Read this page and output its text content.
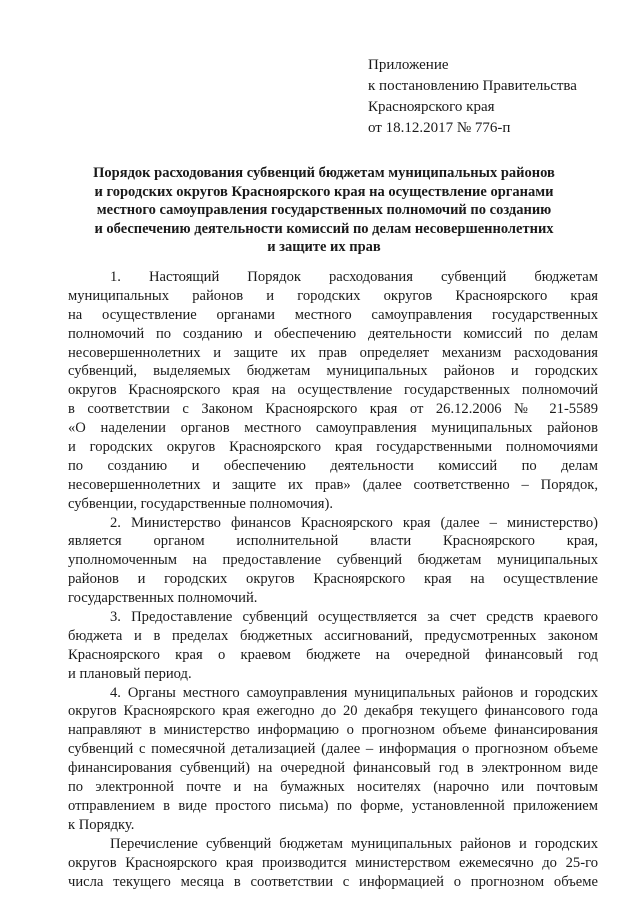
Приложение
к постановлению Правительства
Красноярского края
от 18.12.2017 № 776-п
Порядок расходования субвенций бюджетам муниципальных районов
и городских округов Красноярского края на осуществление органами
местного самоуправления государственных полномочий по созданию
и обеспечению деятельности комиссий по делам несовершеннолетних
и защите их прав
1. Настоящий Порядок расходования субвенций бюджетам
муниципальных районов и городских округов Красноярского края
на осуществление органами местного самоуправления государственных
полномочий по созданию и обеспечению деятельности комиссий по делам
несовершеннолетних и защите их прав определяет механизм расходования
субвенций, выделяемых бюджетам муниципальных районов и городских
округов Красноярского края на осуществление государственных полномочий
в соответствии с Законом Красноярского края от 26.12.2006 № 21-5589
«О наделении органов местного самоуправления муниципальных районов
и городских округов Красноярского края государственными полномочиями
по созданию и обеспечению деятельности комиссий по делам
несовершеннолетних и защите их прав» (далее соответственно – Порядок,
субвенции, государственные полномочия).
2. Министерство финансов Красноярского края (далее – министерство)
является органом исполнительной власти Красноярского края,
уполномоченным на предоставление субвенций бюджетам муниципальных
районов и городских округов Красноярского края на осуществление
государственных полномочий.
3. Предоставление субвенций осуществляется за счет средств краевого
бюджета и в пределах бюджетных ассигнований, предусмотренных законом
Красноярского края о краевом бюджете на очередной финансовый год
и плановый период.
4. Органы местного самоуправления муниципальных районов и городских
округов Красноярского края ежегодно до 20 декабря текущего финансового года
направляют в министерство информацию о прогнозном объеме финансирования
субвенций с помесячной детализацией (далее – информация о прогнозном объеме
финансирования субвенций) на очередной финансовый год в электронном виде
по электронной почте и на бумажных носителях (нарочно или почтовым
отправлением в виде простого письма) по форме, установленной приложением
к Порядку.
Перечисление субвенций бюджетам муниципальных районов и городских
округов Красноярского края производится министерством ежемесячно до 25-го
числа текущего месяца в соответствии с информацией о прогнозном объеме
